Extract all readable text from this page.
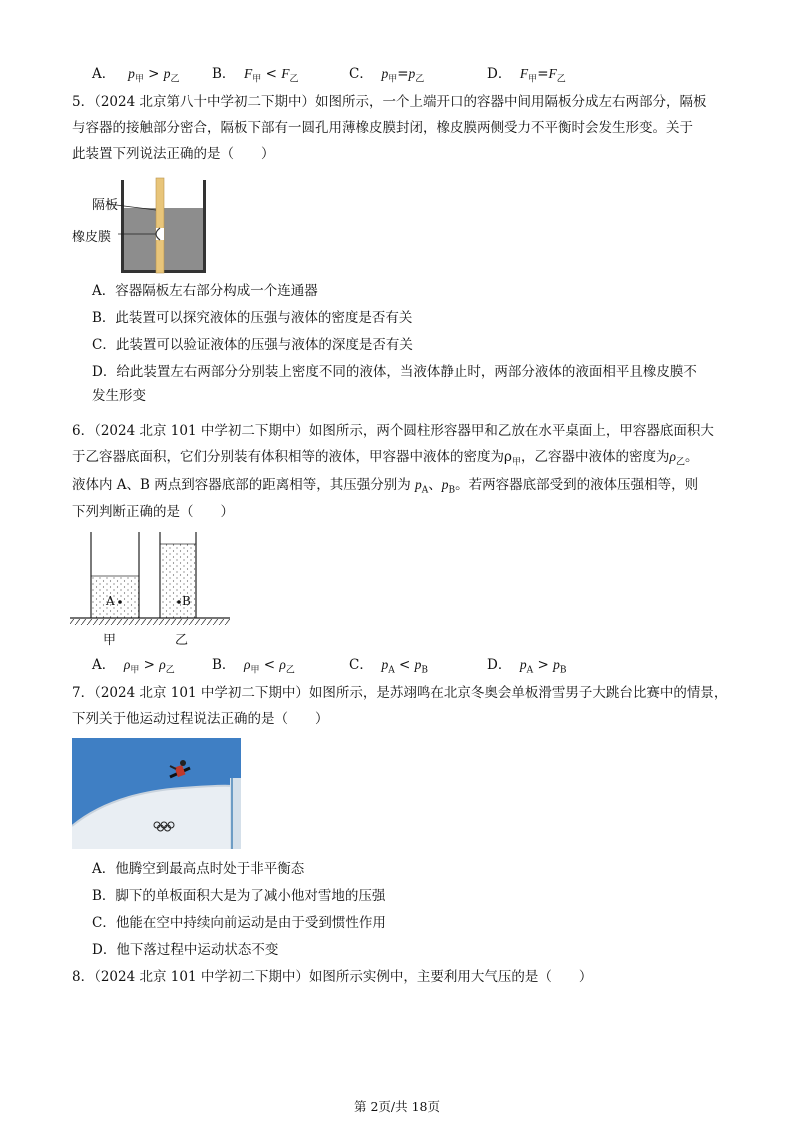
A． $p_甲 > p_乙$ B． $F_甲 < F_乙$	C． $p_甲=p_乙$	D． $F_甲=F_乙$
5．（2024 北京第八十中学初二下期中）如图所示，一个上端开口的容器中间用隔板分成左右两部分，隔板
与容器的接触部分密合，隔板下部有一圆孔用薄橡皮膜封闭，橡皮膜两侧受力不平衡时会发生形变。关于
此装置下列说法正确的是（　　）
隔板
橡皮膜
A．容器隔板左右部分构成一个连通器
B．此装置可以探究液体的压强与液体的密度是否有关
C．此装置可以验证液体的压强与液体的深度是否有关
D．给此装置左右两部分分别装上密度不同的液体，当液体静止时，两部分液体的液面相平且橡皮膜不
发生形变
6．（2024 北京 101 中学初二下期中）如图所示，两个圆柱形容器甲和乙放在水平桌面上，甲容器底面积大
于乙容器底面积，它们分别装有体积相等的液体，甲容器中液体的密度为$\rho_甲$，乙容器中液体的密度为$\rho_乙$。
液体内 A、B 两点到容器底部的距离相等，其压强分别为 $p_A$、$p_B$。若两容器底部受到的液体压强相等，则
下列判断正确的是（　　）
A	B
甲	乙
A． $\rho_甲 > \rho_乙$	B． $\rho_甲 < \rho_乙$	C． $p_A < p_B$	D． $p_A > p_B$
7．（2024 北京 101 中学初二下期中）如图所示，是苏翊鸣在北京冬奥会单板滑雪男子大跳台比赛中的情景，
下列关于他运动过程说法正确的是（　　）
A．他腾空到最高点时处于非平衡态
B．脚下的单板面积大是为了减小他对雪地的压强
C．他能在空中持续向前运动是由于受到惯性作用
D．他下落过程中运动状态不变
8．（2024 北京 101 中学初二下期中）如图所示实例中，主要利用大气压的是（　　）
第 2页/共 18页
